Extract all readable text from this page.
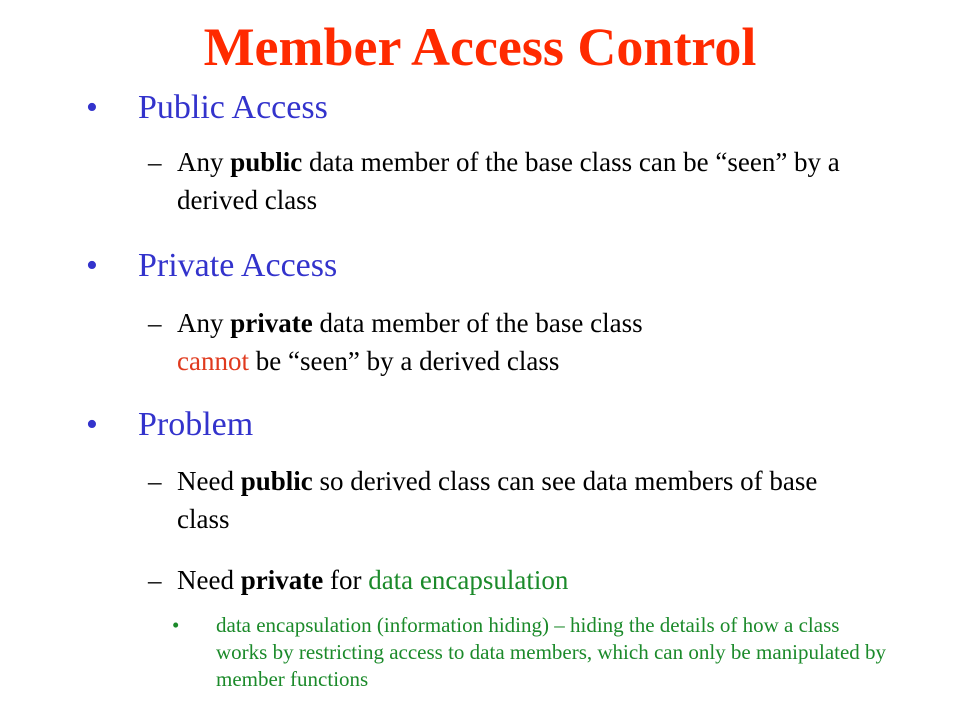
Member Access Control
• Public Access
– Any public data member of the base class can be “seen” by a derived class
• Private Access
– Any private data member of the base class
cannot be “seen” by a derived class
• Problem
– Need public so derived class can see data members of base class
– Need private for data encapsulation
• data encapsulation (information hiding) – hiding the details of how a class works by restricting access to data members, which can only be manipulated by member functions
